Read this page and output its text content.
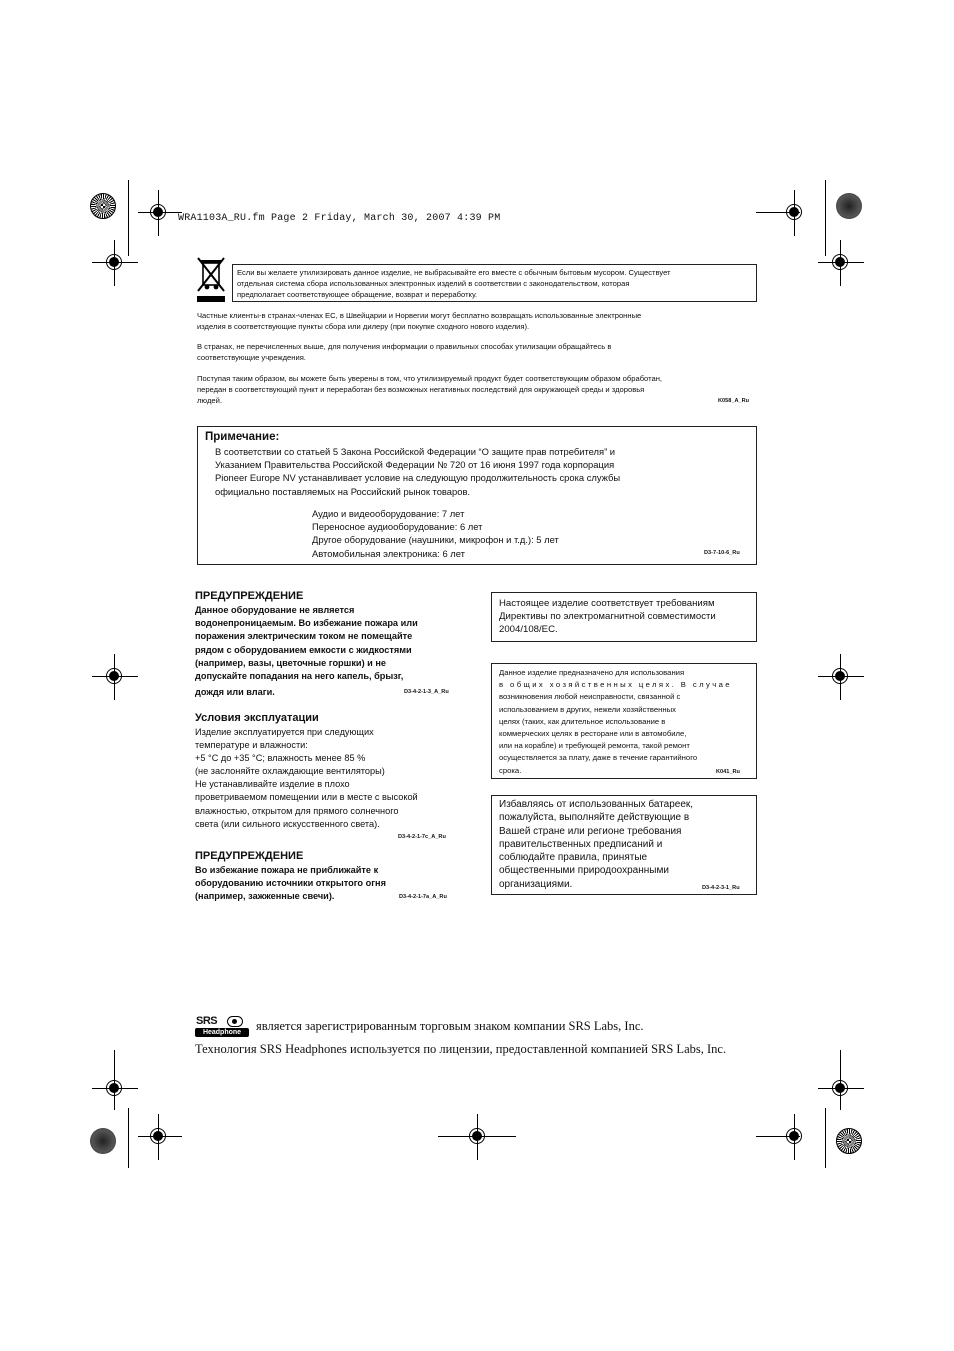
WRA1103A_RU.fm Page 2 Friday, March 30, 2007 4:39 PM
Если вы желаете утилизировать данное изделие, не выбрасывайте его вместе с обычным бытовым мусором. Существует
отдельная система сбора использованных электронных изделий в соответствии с законодательством, которая
предполагает соответствующее обращение, возврат и переработку.
Частные клиенты-в странах-членах ЕС, в Швейцарии и Норвегии могут бесплатно возвращать использованные электронные
изделия в соответствующие пункты сбора или дилеру (при покупке сходного нового изделия).
В странах, не перечисленных выше, для получения информации о правильных способах утилизации обращайтесь в
соответствующие учреждения.
Поступая таким образом, вы можете быть уверены в том, что утилизируемый продукт будет соответствующим образом обработан,
передан в соответствующий пункт и переработан без возможных негативных последствий для окружающей среды и здоровья
людей.	K058_A_Ru
Примечание:
В соответствии со статьей 5 Закона Российской Федерации “О защите прав потребителя” и
Указанием Правительства Российской Федерации № 720 от 16 июня 1997 года корпорация
Pioneer Europe NV устанавливает условие на следующую продолжительность срока службы
официально поставляемых на Российский рынок товаров.
Аудио и видеооборудование: 7 лет
Переносное аудиооборудование: 6 лет
Другое оборудование (наушники, микрофон и т.д.): 5 лет
Автомобильная электроника: 6 лет	D3-7-10-6_Ru
ПРЕДУПРЕЖДЕНИЕ
Данное оборудование не является
водонепроницаемым. Во избежание пожара или
поражения электрическим током не помещайте
рядом с оборудованием емкости с жидкостями
(например, вазы, цветочные горшки) и не
допускайте попадания на него капель, брызг,
дождя или влаги.	D3-4-2-1-3_A_Ru
Условия эксплуатации
Изделие эксплуатируется при следующих
температуре и влажности:
+5 °C до +35 °C; влажность менее 85 %
(не заслоняйте охлаждающие вентиляторы)
Не устанавливайте изделие в плохо
проветриваемом помещении или в месте с высокой
влажностью, открытом для прямого солнечного
света (или сильного искусственного света).
D3-4-2-1-7c_A_Ru
ПРЕДУПРЕЖДЕНИЕ
Во избежание пожара не приближайте к
оборудованию источники открытого огня
(например, зажженные свечи).	D3-4-2-1-7a_A_Ru
Настоящее изделие соответствует требованиям
Директивы по электромагнитной совместимости
2004/108/EC.
Данное изделие предназначено для использования
в общих хозяйственных целях. В случае
возникновения любой неисправности, связанной с
использованием в других, нежели хозяйственных
целях (таких, как длительное использование в
коммерческих целях в ресторане или в автомобиле,
или на корабле) и требующей ремонта, такой ремонт
осуществляется за плату, даже в течение гарантийного
срока.	K041_Ru
Избавляясь от использованных батареек,
пожалуйста, выполняйте действующие в
Вашей стране или регионе требования
правительственных предписаний и
соблюдайте правила, принятые
общественными природоохранными
организациями.	D3-4-2-3-1_Ru
SRS
Headphone	является зарегистрированным торговым знаком компании SRS Labs, Inc.
Технология SRS Headphones используется по лицензии, предоставленной компанией SRS Labs, Inc.
